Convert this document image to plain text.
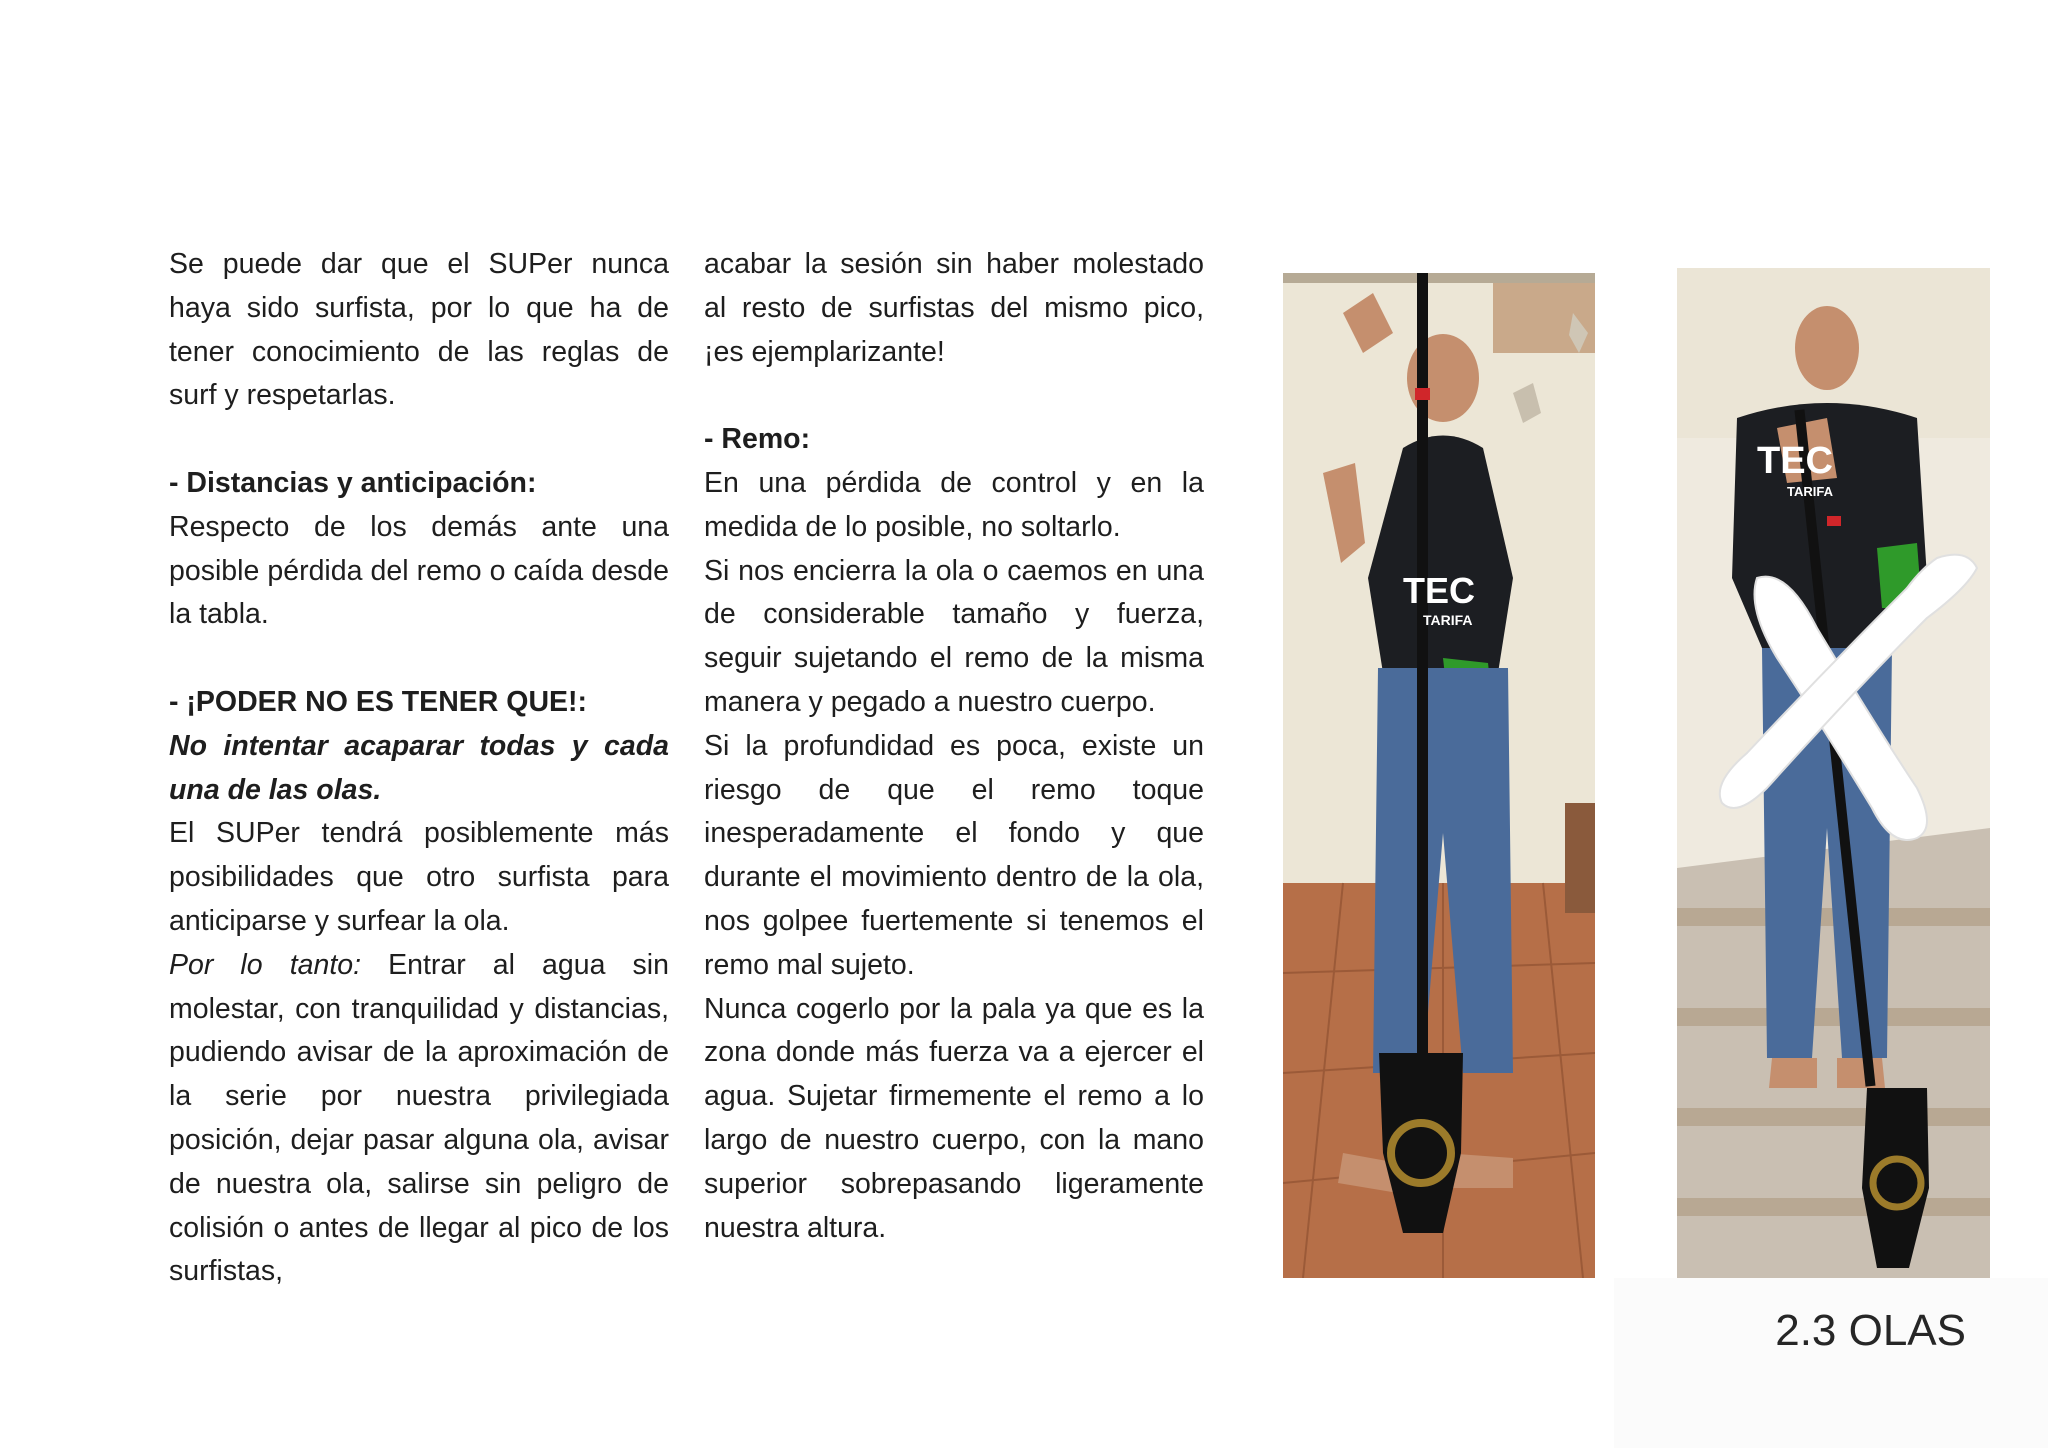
Se puede dar que el SUPer nunca haya sido surfista, por lo que ha de tener conocimiento de las reglas de surf y respetarlas.

- Distancias y anticipación:

Respecto de los demás ante una posible pérdida del remo o caída desde la tabla.

- ¡PODER NO ES TENER QUE!:

No intentar acaparar todas y cada una de las olas.

El SUPer tendrá posiblemente más posibilidades que otro surfista para anticiparse y surfear la ola.

Por lo tanto: Entrar al agua sin molestar, con tranquilidad y distancias, pudiendo avisar de la aproximación de la serie por nuestra privilegiada posición, dejar pasar alguna ola, avisar de nuestra ola, salirse sin peligro de colisión o antes de llegar al pico de los surfistas,

acabar la sesión sin haber molestado al resto de surfistas del mismo pico, ¡es ejemplarizante!

- Remo:

En una pérdida de control y en la medida de lo posible, no soltarlo.

Si nos encierra la ola o caemos en una de considerable tamaño y fuerza, seguir sujetando el remo de la misma manera y pegado a nuestro cuerpo.

Si la profundidad es poca, existe un riesgo de que el remo toque inesperadamente el fondo y que durante el movimiento dentro de la ola, nos golpee fuertemente si tenemos el remo mal sujeto.

Nunca cogerlo por la pala ya que es la zona donde más fuerza va a ejercer el agua. Sujetar firmemente el remo a lo largo de nuestro cuerpo, con la mano superior sobrepasando ligeramente nuestra altura.

TEC
TARIFA
TEC
TARIFA
2.3 OLAS
